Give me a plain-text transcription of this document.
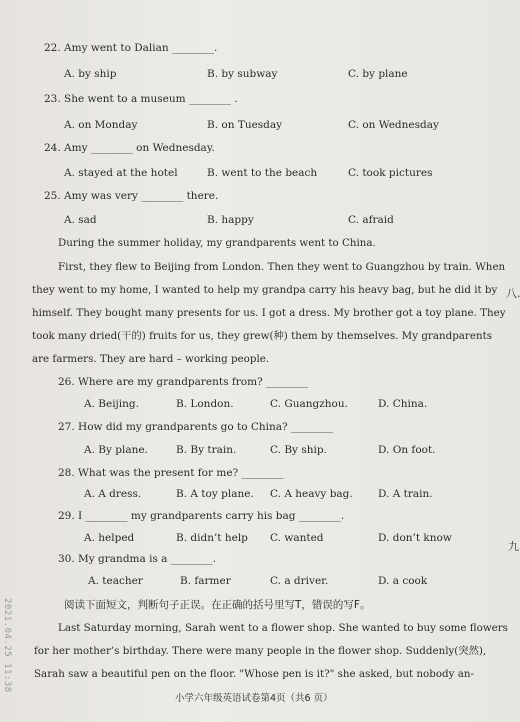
22. Amy went to Dalian ________.
A. by ship	B. by subway	C. by plane
23. She went to a museum ________ .
A. on Monday	B. on Tuesday	C. on Wednesday
24. Amy ________ on Wednesday.
A. stayed at the hotel	B. went to the beach	C. took pictures
25. Amy was very ________ there.
A. sad	B. happy	C. afraid
During the summer holiday, my grandparents went to China.
First, they flew to Beijing from London. Then they went to Guangzhou by train. When
they went to my home, I wanted to help my grandpa carry his heavy bag, but he did it by
himself. They bought many presents for us. I got a dress. My brother got a toy plane. They
took many dried(干的) fruits for us, they grew(种) them by themselves. My grandparents
are farmers. They are hard – working people.
26. Where are my grandparents from? ________
A. Beijing.	B. London.	C. Guangzhou.	D. China.
27. How did my grandparents go to China? ________
A. By plane.	B. By train.	C. By ship.	D. On foot.
28. What was the present for me? ________
A. A dress.	B. A toy plane. C. A heavy bag. D. A train.
29. I ________ my grandparents carry his bag ________.
A. helped	B. didn’t help C. wanted	D. don’t know
30. My grandma is a ________.
A. teacher	B. farmer	C. a driver.	D. a cook
阅读下面短文，判断句子正误。在正确的括号里写T，错误的写F。
Last Saturday morning, Sarah went to a flower shop. She wanted to buy some flowers
for her mother’s birthday. There were many people in the flower shop. Suddenly(突然),
Sarah saw a beautiful pen on the floor. "Whose pen is it?" she asked, but nobody an-
小学六年级英语试卷第4页（共6 页）
八.
九
2021.04.25 11:38
